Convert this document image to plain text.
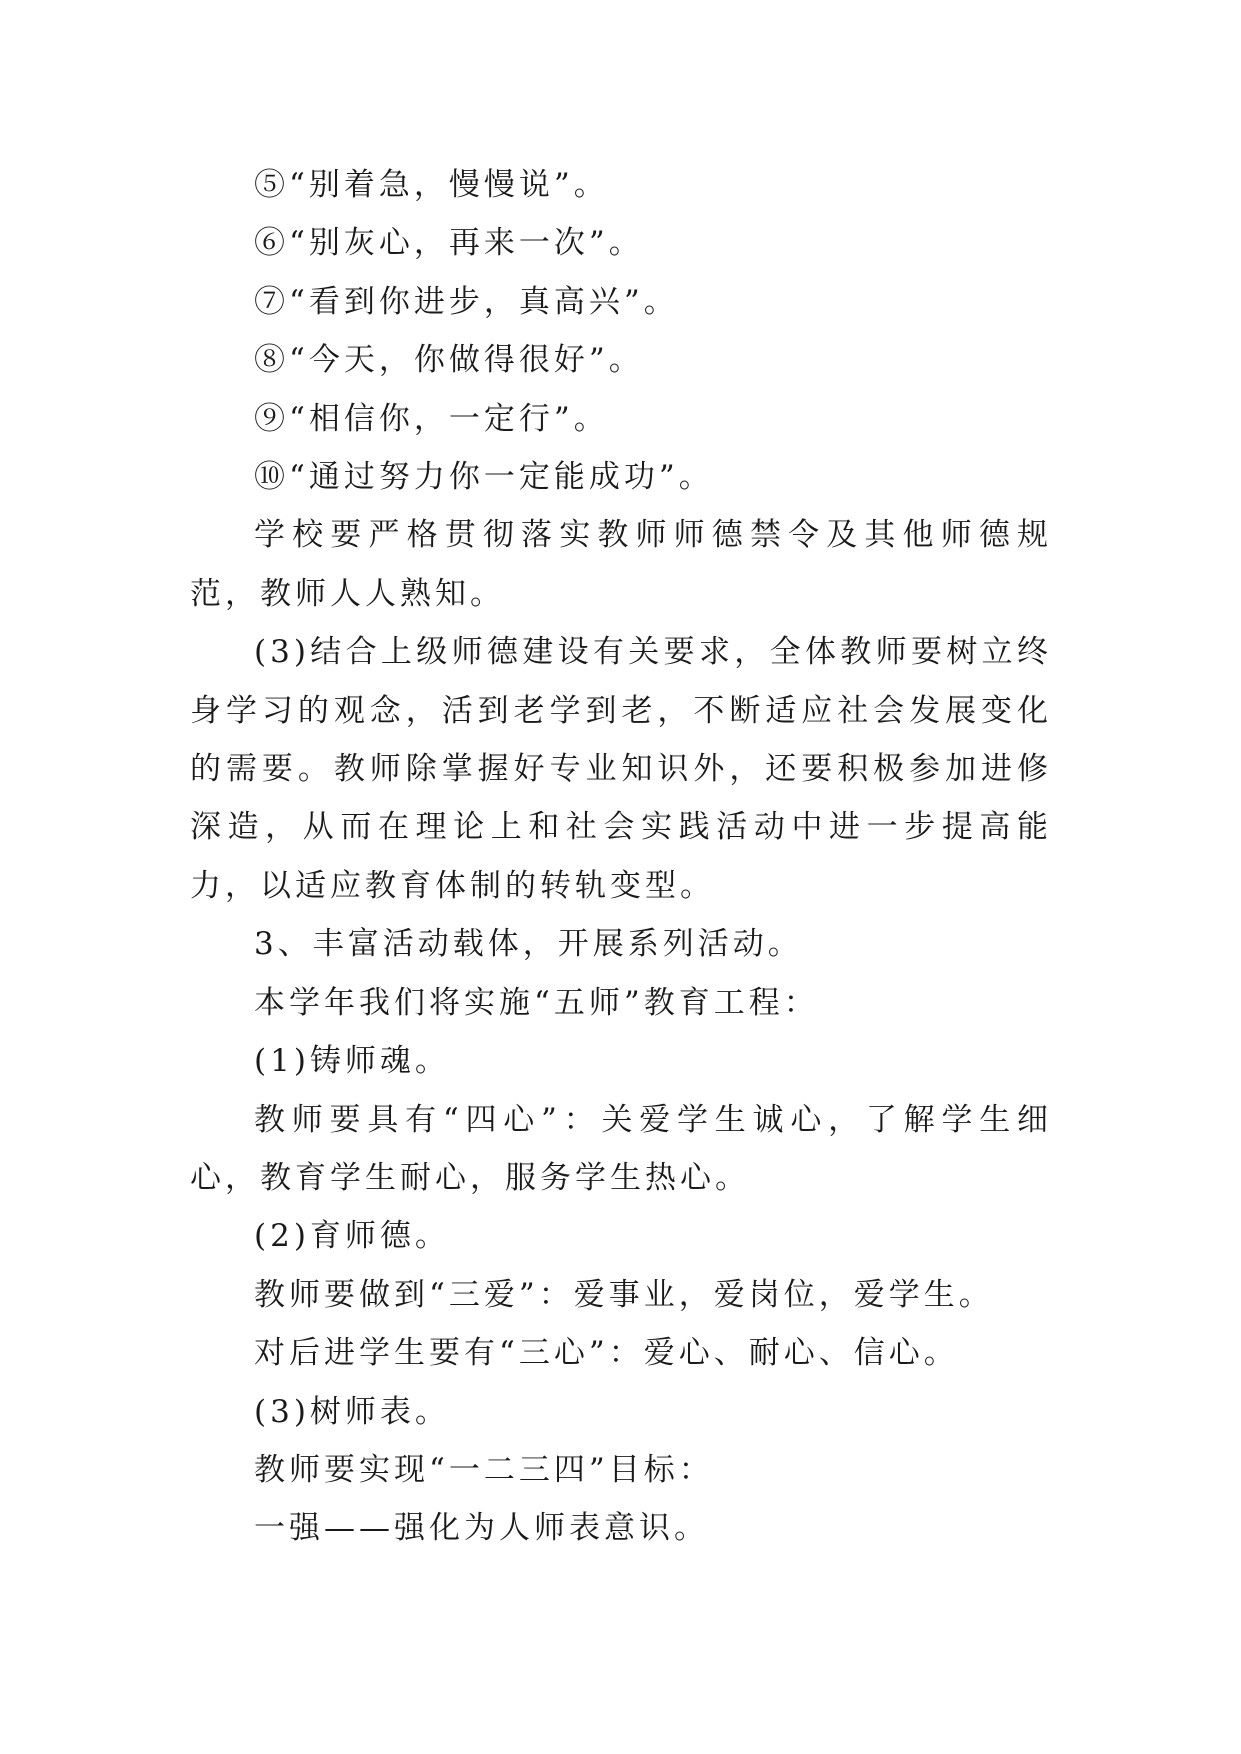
⑤“别着急，慢慢说”。

⑥“别灰心，再来一次”。

⑦“看到你进步，真高兴”。

⑧“今天，你做得很好”。

⑨“相信你，一定行”。

⑩“通过努力你一定能成功”。

学校要严格贯彻落实教师师德禁令及其他师德规范，教师人人熟知。

(3)结合上级师德建设有关要求，全体教师要树立终身学习的观念，活到老学到老，不断适应社会发展变化的需要。教师除掌握好专业知识外，还要积极参加进修深造，从而在理论上和社会实践活动中进一步提高能力，以适应教育体制的转轨变型。

3、丰富活动载体，开展系列活动。

本学年我们将实施“五师”教育工程：

(1)铸师魂。

教师要具有“四心”：关爱学生诚心，了解学生细心，教育学生耐心，服务学生热心。

(2)育师德。

教师要做到“三爱”：爱事业，爱岗位，爱学生。

对后进学生要有“三心”：爱心、耐心、信心。

(3)树师表。

教师要实现“一二三四”目标：

一强——强化为人师表意识。
